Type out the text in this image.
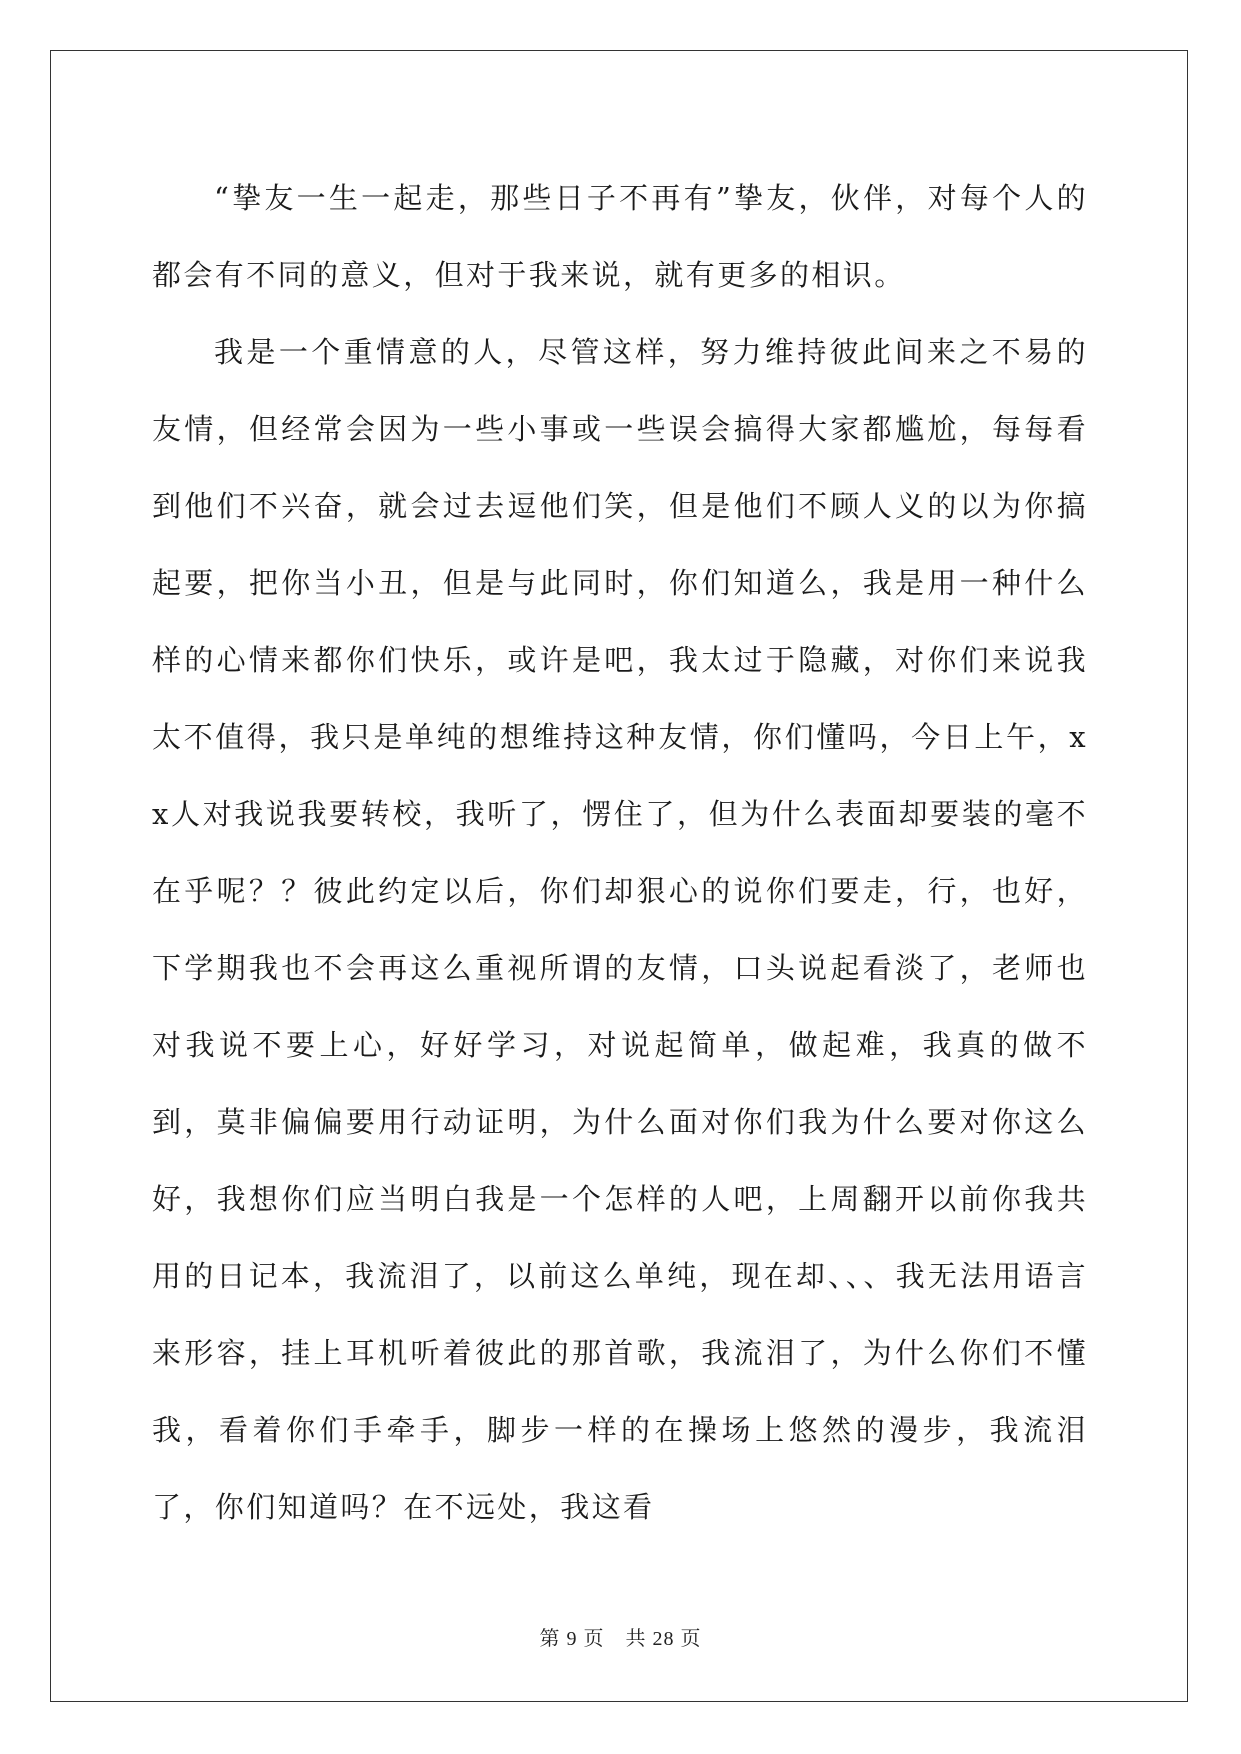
“挚友一生一起走，那些日子不再有”挚友，伙伴，对每个人的都会有不同的意义，但对于我来说，就有更多的相识。

我是一个重情意的人，尽管这样，努力维持彼此间来之不易的友情，但经常会因为一些小事或一些误会搞得大家都尴尬，每每看到他们不兴奋，就会过去逗他们笑，但是他们不顾人义的以为你搞起要，把你当小丑，但是与此同时，你们知道么，我是用一种什么样的心情来都你们快乐，或许是吧，我太过于隐藏，对你们来说我太不值得，我只是单纯的想维持这种友情，你们懂吗，今日上午，xx人对我说我要转校，我听了，愣住了，但为什么表面却要装的毫不在乎呢？？彼此约定以后，你们却狠心的说你们要走，行，也好，下学期我也不会再这么重视所谓的友情，口头说起看淡了，老师也对我说不要上心，好好学习，对说起简单，做起难，我真的做不到，莫非偏偏要用行动证明，为什么面对你们我为什么要对你这么好，我想你们应当明白我是一个怎样的人吧，上周翻开以前你我共用的日记本，我流泪了，以前这么单纯，现在却、、、我无法用语言来形容，挂上耳机听着彼此的那首歌，我流泪了，为什么你们不懂我，看着你们手牵手，脚步一样的在操场上悠然的漫步，我流泪了，你们知道吗？在不远处，我这看

第 9 页　共 28 页
